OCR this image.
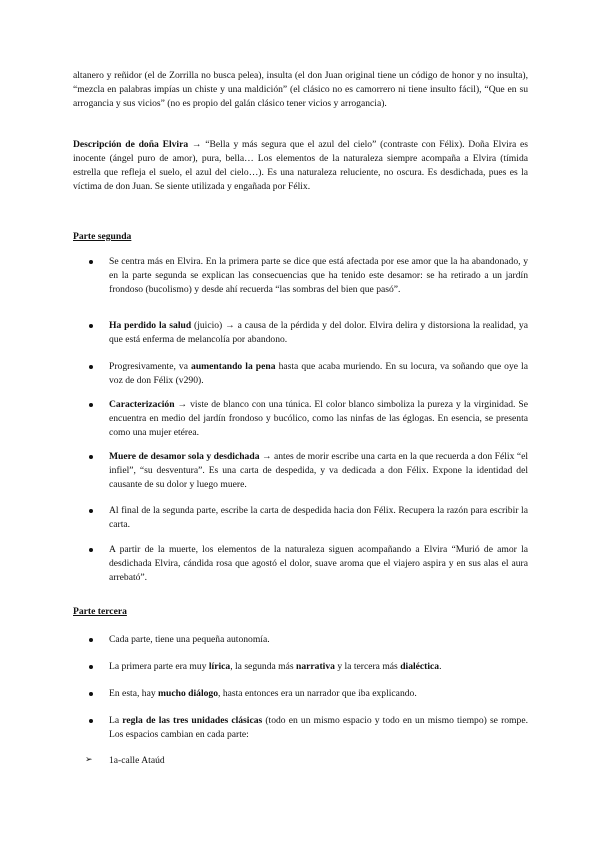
altanero y reñidor (el de Zorrilla no busca pelea), insulta (el don Juan original tiene un código de honor y no insulta), “mezcla en palabras impías un chiste y una maldición” (el clásico no es camorrero ni tiene insulto fácil), “Que en su arrogancia y sus vicios” (no es propio del galán clásico tener vicios y arrogancia).

Descripción de doña Elvira → “Bella y más segura que el azul del cielo” (contraste con Félix). Doña Elvira es inocente (ángel puro de amor), pura, bella… Los elementos de la naturaleza siempre acompaña a Elvira (tímida estrella que refleja el suelo, el azul del cielo…). Es una naturaleza reluciente, no oscura. Es desdichada, pues es la víctima de don Juan. Se siente utilizada y engañada por Félix.

Parte segunda

Se centra más en Elvira. En la primera parte se dice que está afectada por ese amor que la ha abandonado, y en la parte segunda se explican las consecuencias que ha tenido este desamor: se ha retirado a un jardín frondoso (bucolismo) y desde ahí recuerda “las sombras del bien que pasó”.
Ha perdido la salud (juicio) → a causa de la pérdida y del dolor. Elvira delira y distorsiona la realidad, ya que está enferma de melancolía por abandono.
Progresivamente, va aumentando la pena hasta que acaba muriendo. En su locura, va soñando que oye la voz de don Félix (v290).
Caracterización → viste de blanco con una túnica. El color blanco simboliza la pureza y la virginidad. Se encuentra en medio del jardín frondoso y bucólico, como las ninfas de las églogas. En esencia, se presenta como una mujer etérea.
Muere de desamor sola y desdichada → antes de morir escribe una carta en la que recuerda a don Félix “el infiel”, “su desventura”. Es una carta de despedida, y va dedicada a don Félix. Expone la identidad del causante de su dolor y luego muere.
Al final de la segunda parte, escribe la carta de despedida hacia don Félix. Recupera la razón para escribir la carta.
A partir de la muerte, los elementos de la naturaleza siguen acompañando a Elvira “Murió de amor la desdichada Elvira, cándida rosa que agostó el dolor, suave aroma que el viajero aspira y en sus alas el aura arrebató”.

Parte tercera

Cada parte, tiene una pequeña autonomía.
La primera parte era muy lírica, la segunda más narrativa y la tercera más dialéctica.
En esta, hay mucho diálogo, hasta entonces era un narrador que iba explicando.
La regla de las tres unidades clásicas (todo en un mismo espacio y todo en un mismo tiempo) se rompe. Los espacios cambian en cada parte:
➢ 1a-calle Ataúd
